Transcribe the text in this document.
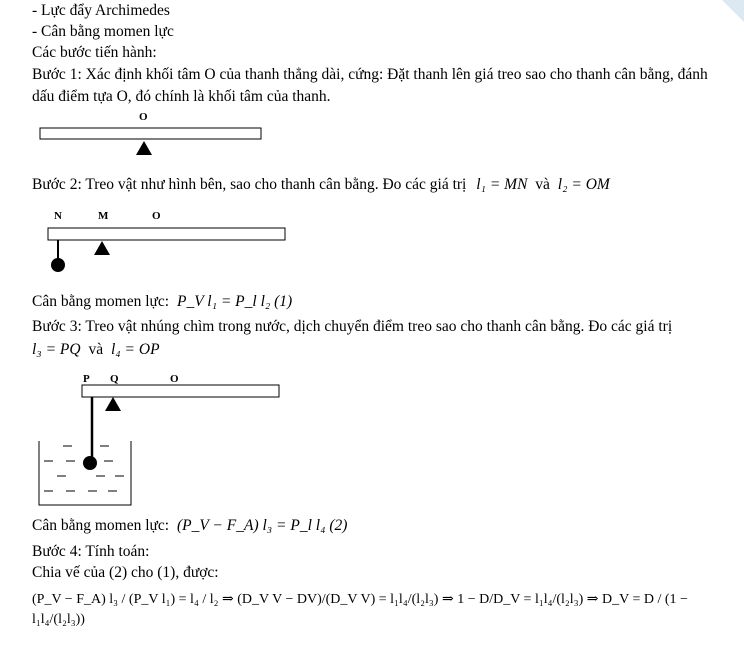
- Lực đẩy Archimedes
- Cân bằng momen lực
Các bước tiến hành:
Bước 1: Xác định khối tâm O của thanh thẳng dài, cứng: Đặt thanh lên giá treo sao cho thanh cân bằng, đánh
dấu điểm tựa O, đó chính là khối tâm của thanh.
O
N	M	O
P Q	O
Bước 2: Treo vật như hình bên, sao cho thanh cân bằng. Đo các giá trị l₁ = MN và l₂ = OM
Cân bằng momen lực: P_V l₁ = P_l l₂ (1)
Bước 3: Treo vật nhúng chìm trong nước, dịch chuyển điểm treo sao cho thanh cân bằng. Đo các giá trị
l₃ = PQ và l₄ = OP
Cân bằng momen lực: (P_V − F_A) l₃ = P_l l₄ (2)
Bước 4: Tính toán:
Chia vế của (2) cho (1), được:
(P_V − F_A) l₃ / (P_V l₁) = l₄ / l₂ ⇒ (D_V V − DV)/(D_V V) = l₁l₄/(l₂l₃) ⇒ 1 − D/D_V = l₁l₄/(l₂l₃) ⇒ D_V = D / (1 − l₁l₄/(l₂l₃))
